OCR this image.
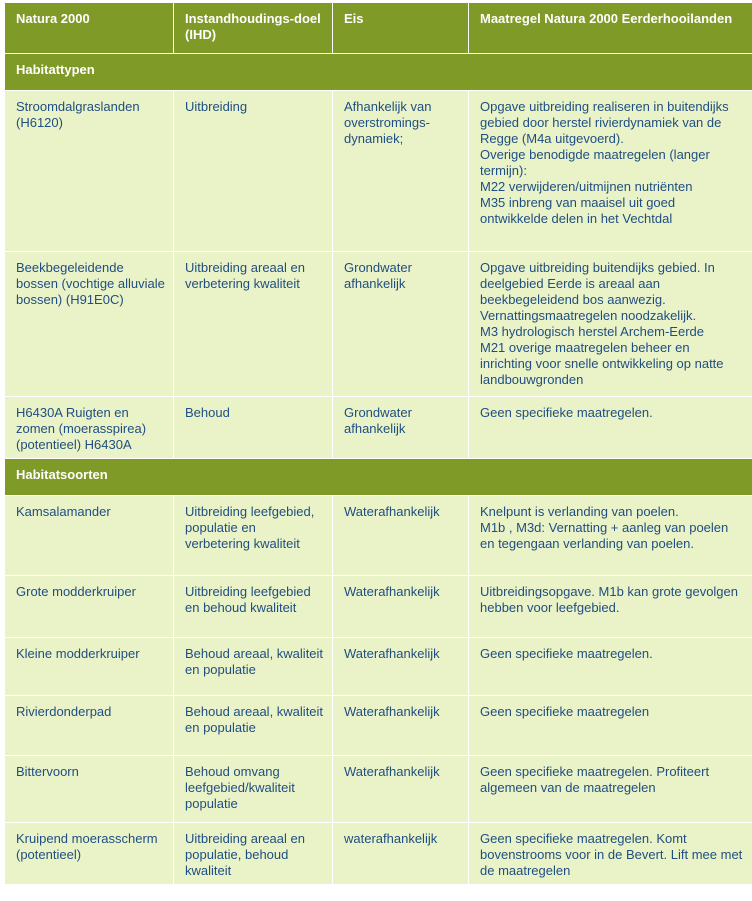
Natura 2000	Instandhoudings-doel (IHD)	Eis	Maatregel Natura 2000 Eerderhooilanden
Habitattypen			
Stroomdalgraslanden (H6120)	Uitbreiding	Afhankelijk van overstromings-dynamiek;	Opgave uitbreiding realiseren in buitendijks gebied door herstel rivierdynamiek van de Regge (M4a uitgevoerd).
Overige benodigde maatregelen (langer termijn):
M22 verwijderen/uitmijnen nutriënten
M35 inbreng van maaisel uit goed ontwikkelde delen in het Vechtdal

Beekbegeleidende bossen (vochtige alluviale bossen) (H91E0C)	Uitbreiding areaal en verbetering kwaliteit	Grondwater afhankelijk	Opgave uitbreiding buitendijks gebied. In deelgebied Eerde is areaal aan beekbegeleidend bos aanwezig.
Vernattingsmaatregelen noodzakelijk.
M3 hydrologisch herstel Archem-Eerde
M21 overige maatregelen beheer en inrichting voor snelle ontwikkeling op natte landbouwgronden

H6430A Ruigten en zomen (moerasspirea) (potentieel) H6430A	Behoud	Grondwater afhankelijk	Geen specifieke maatregelen.

Habitatsoorten			
Kamsalamander	Uitbreiding leefgebied, populatie en verbetering kwaliteit	Waterafhankelijk	Knelpunt is verlanding van poelen.
M1b , M3d: Vernatting + aanleg van poelen en tegengaan verlanding van poelen.

Grote modderkruiper	Uitbreiding leefgebied en behoud kwaliteit	Waterafhankelijk	Uitbreidingsopgave. M1b kan grote gevolgen hebben voor leefgebied.

Kleine modderkruiper	Behoud areaal, kwaliteit en populatie	Waterafhankelijk	Geen specifieke maatregelen.

Rivierdonderpad	Behoud areaal, kwaliteit en populatie	Waterafhankelijk	Geen specifieke maatregelen

Bittervoorn	Behoud omvang leefgebied/kwaliteit populatie	Waterafhankelijk	Geen specifieke maatregelen. Profiteert algemeen van de maatregelen

Kruipend moerasscherm (potentieel)	Uitbreiding areaal en populatie, behoud kwaliteit	waterafhankelijk	Geen specifieke maatregelen. Komt bovenstrooms voor in de Bevert. Lift mee met de maatregelen
